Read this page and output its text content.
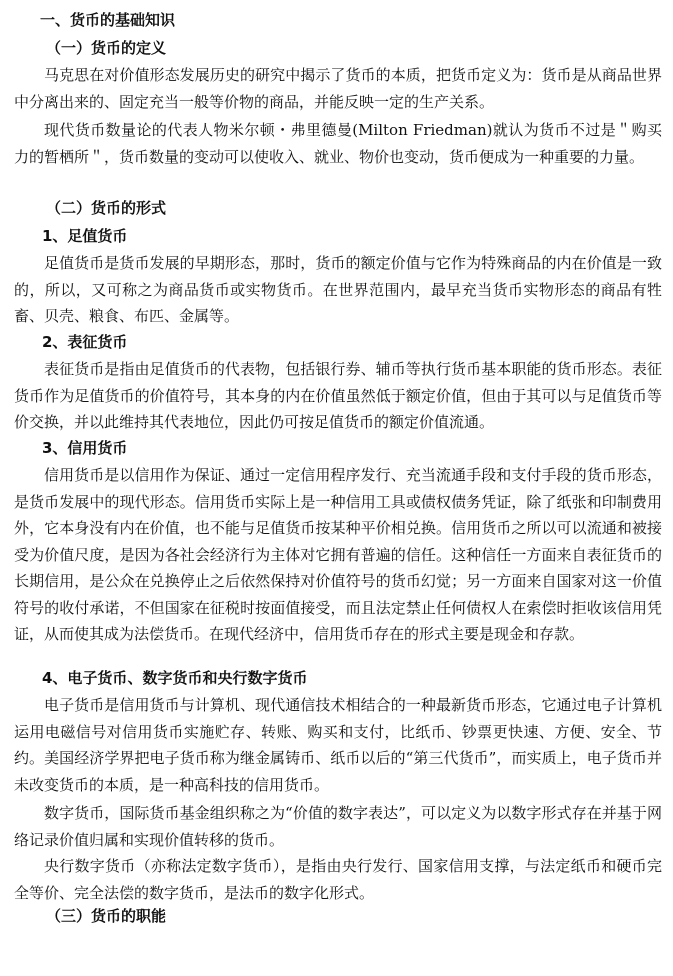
一、货币的基础知识
（一）货币的定义

马克思在对价值形态发展历史的研究中揭示了货币的本质，把货币定义为：货币是从商品世界中分离出来的、固定充当一般等价物的商品，并能反映一定的生产关系。

现代货币数量论的代表人物米尔顿・弗里德曼(Milton Friedman)就认为货币不过是＂购买力的暂栖所＂，货币数量的变动可以使收入、就业、物价也变动，货币便成为一种重要的力量。

（二）货币的形式
1、足值货币

足值货币是货币发展的早期形态，那时，货币的额定价值与它作为特殊商品的内在价值是一致的，所以，又可称之为商品货币或实物货币。在世界范围内，最早充当货币实物形态的商品有牲畜、贝壳、粮食、布匹、金属等。

2、表征货币

表征货币是指由足值货币的代表物，包括银行券、辅币等执行货币基本职能的货币形态。表征货币作为足值货币的价值符号，其本身的内在价值虽然低于额定价值，但由于其可以与足值货币等价交换，并以此维持其代表地位，因此仍可按足值货币的额定价值流通。

3、信用货币

信用货币是以信用作为保证、通过一定信用程序发行、充当流通手段和支付手段的货币形态，是货币发展中的现代形态。信用货币实际上是一种信用工具或债权债务凭证，除了纸张和印制费用外，它本身没有内在价值，也不能与足值货币按某种平价相兑换。信用货币之所以可以流通和被接受为价值尺度，是因为各社会经济行为主体对它拥有普遍的信任。这种信任一方面来自表征货币的长期信用，是公众在兑换停止之后依然保持对价值符号的货币幻觉；另一方面来自国家对这一价值符号的收付承诺，不但国家在征税时按面值接受，而且法定禁止任何债权人在索偿时拒收该信用凭证，从而使其成为法偿货币。在现代经济中，信用货币存在的形式主要是现金和存款。

4、电子货币、数字货币和央行数字货币

电子货币是信用货币与计算机、现代通信技术相结合的一种最新货币形态，它通过电子计算机运用电磁信号对信用货币实施贮存、转账、购买和支付，比纸币、钞票更快速、方便、安全、节约。美国经济学界把电子货币称为继金属铸币、纸币以后的“第三代货币”，而实质上，电子货币并未改变货币的本质，是一种高科技的信用货币。

数字货币，国际货币基金组织称之为“价值的数字表达”，可以定义为以数字形式存在并基于网络记录价值归属和实现价值转移的货币。

央行数字货币（亦称法定数字货币），是指由央行发行、国家信用支撑，与法定纸币和硬币完全等价、完全法偿的数字货币，是法币的数字化形式。

（三）货币的职能
